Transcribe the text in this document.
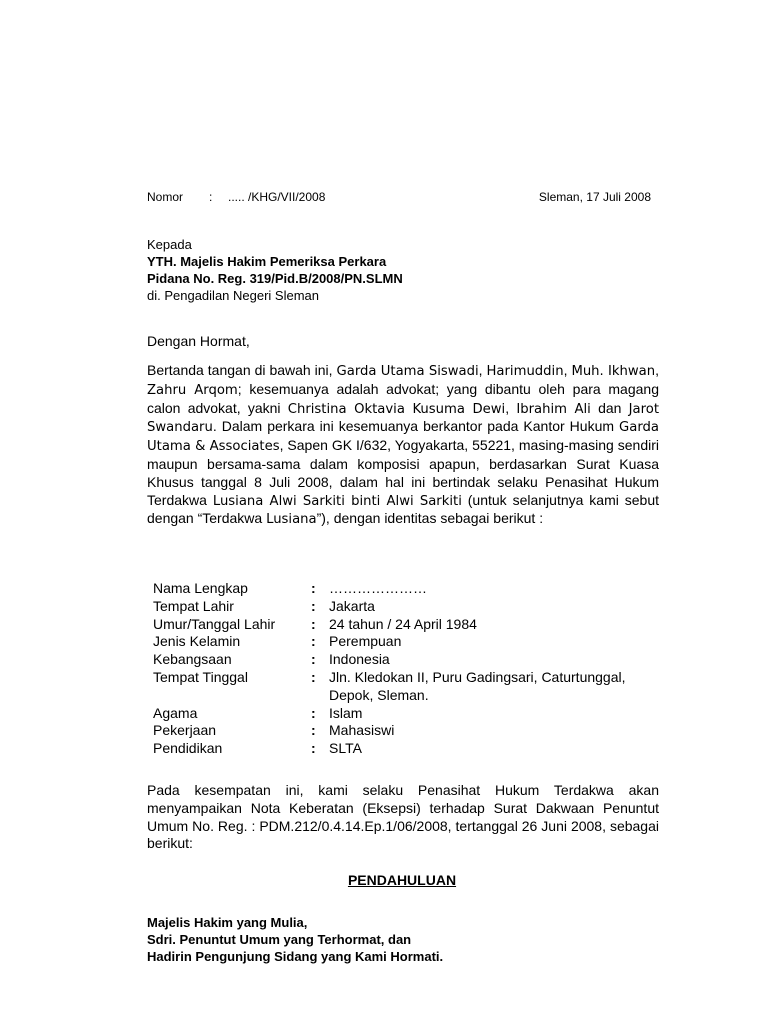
Nomor : ..... /KHG/VII/2008	Sleman, 17 Juli 2008
Kepada
YTH. Majelis Hakim Pemeriksa Perkara
Pidana No. Reg. 319/Pid.B/2008/PN.SLMN
di. Pengadilan Negeri Sleman
Dengan Hormat,

Bertanda tangan di bawah ini, Garda Utama Siswadi, Harimuddin, Muh. Ikhwan, Zahru Arqom; kesemuanya adalah advokat; yang dibantu oleh para magang calon advokat, yakni Christina Oktavia Kusuma Dewi, Ibrahim Ali dan Jarot Swandaru. Dalam perkara ini kesemuanya berkantor pada Kantor Hukum Garda Utama & Associates, Sapen GK I/632, Yogyakarta, 55221, masing-masing sendiri maupun bersama-sama dalam komposisi apapun, berdasarkan Surat Kuasa Khusus tanggal 8 Juli 2008, dalam hal ini bertindak selaku Penasihat Hukum Terdakwa Lusiana Alwi Sarkiti binti Alwi Sarkiti (untuk selanjutnya kami sebut dengan “Terdakwa Lusiana”), dengan identitas sebagai berikut :

Nama Lengkap	: …………………
Tempat Lahir	: Jakarta
Umur/Tanggal Lahir	: 24 tahun / 24 April 1984
Jenis Kelamin	: Perempuan
Kebangsaan	: Indonesia
Tempat Tinggal	: Jln. Kledokan II, Puru Gadingsari, Caturtunggal, Depok, Sleman.
Agama	: Islam
Pekerjaan	: Mahasiswi
Pendidikan	: SLTA

Pada kesempatan ini, kami selaku Penasihat Hukum Terdakwa akan menyampaikan Nota Keberatan (Eksepsi) terhadap Surat Dakwaan Penuntut Umum No. Reg. : PDM.212/0.4.14.Ep.1/06/2008, tertanggal 26 Juni 2008, sebagai berikut:

PENDAHULUAN
Majelis Hakim yang Mulia,
Sdri. Penuntut Umum yang Terhormat, dan
Hadirin Pengunjung Sidang yang Kami Hormati.
